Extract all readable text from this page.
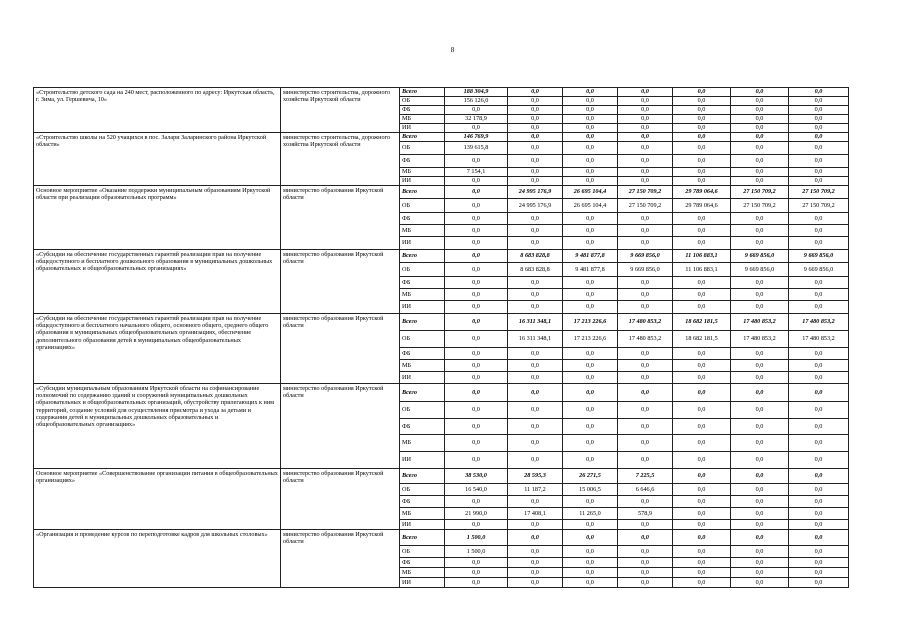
8
«Строительство детского сада на 240 мест, расположенного по адресу: Иркутская область, г. Зима, ул. Гершевича, 10»	министерство строительства, дорожного хозяйства Иркутской области	Всего	188 304,9	0,0	0,0	0,0	0,0	0,0	0,0	
		ОБ	156 126,0	0,0	0,0	0,0	0,0	0,0	0,0	
		ФБ	0,0	0,0	0,0	0,0	0,0	0,0	0,0	
		МБ	32 178,9	0,0	0,0	0,0	0,0	0,0	0,0	
		ИИ	0,0	0,0	0,0	0,0	0,0	0,0	0,0	
«Строительство школы на 520 учащихся в пос. Залари Заларинского района Иркутской области»	министерство строительства, дорожного хозяйства Иркутской области	Всего	146 769,9	0,0	0,0	0,0	0,0	0,0	0,0	
		ОБ	139 615,8	0,0	0,0	0,0	0,0	0,0	0,0	
		ФБ	0,0	0,0	0,0	0,0	0,0	0,0	0,0	
		МБ	7 154,1	0,0	0,0	0,0	0,0	0,0	0,0	
		ИИ	0,0	0,0	0,0	0,0	0,0	0,0	0,0	
Основное мероприятие «Оказание поддержки муниципальным образованиям Иркутской области при реализации образовательных программ»	министерство образования Иркутской области	Всего	0,0	24 995 176,9	26 695 104,4	27 150 709,2	29 789 064,6	27 150 709,2	27 150 709,2	
		ОБ	0,0	24 995 176,9	26 695 104,4	27 150 709,2	29 789 064,6	27 150 709,2	27 150 709,2	
		ФБ	0,0	0,0	0,0	0,0	0,0	0,0	0,0	
		МБ	0,0	0,0	0,0	0,0	0,0	0,0	0,0	
		ИИ	0,0	0,0	0,0	0,0	0,0	0,0	0,0	
«Субсидии на обеспечение государственных гарантий реализации прав на получение общедоступного и бесплатного дошкольного образования в муниципальных дошкольных образовательных и общеобразовательных организациях»	министерство образования Иркутской области	Всего	0,0	8 683 828,8	9 481 877,8	9 669 856,0	11 106 883,1	9 669 856,0	9 669 856,0	
		ОБ	0,0	8 683 828,8	9 481 877,8	9 669 856,0	11 106 883,1	9 669 856,0	9 669 856,0	
		ФБ	0,0	0,0	0,0	0,0	0,0	0,0	0,0	
		МБ	0,0	0,0	0,0	0,0	0,0	0,0	0,0	
		ИИ	0,0	0,0	0,0	0,0	0,0	0,0	0,0	
«Субсидии на обеспечение государственных гарантий реализации прав на получение общедоступного и бесплатного начального общего, основного общего, среднего общего образования в муниципальных общеобразовательных организациях, обеспечение дополнительного образования детей в муниципальных общеобразовательных организациях»	министерство образования Иркутской области	Всего	0,0	16 311 348,1	17 213 226,6	17 480 853,2	18 682 181,5	17 480 853,2	17 480 853,2	
		ОБ	0,0	16 311 348,1	17 213 226,6	17 480 853,2	18 682 181,5	17 480 853,2	17 480 853,2	
		ФБ	0,0	0,0	0,0	0,0	0,0	0,0	0,0	
		МБ	0,0	0,0	0,0	0,0	0,0	0,0	0,0	
		ИИ	0,0	0,0	0,0	0,0	0,0	0,0	0,0	
«Субсидии муниципальным образованиям Иркутской области на софинансирование полномочий по содержанию зданий и сооружений муниципальных дошкольных образовательных и общеобразовательных организаций, обустройству прилегающих к ним территорий, создание условий для осуществления присмотра и ухода за детьми и содержания детей в муниципальных дошкольных образовательных и общеобразовательных организациях»	министерство образования Иркутской области	Всего	0,0	0,0	0,0	0,0	0,0	0,0	0,0	
		ОБ	0,0	0,0	0,0	0,0	0,0	0,0	0,0	
		ФБ	0,0	0,0	0,0	0,0	0,0	0,0	0,0	
		МБ	0,0	0,0	0,0	0,0	0,0	0,0	0,0	
		ИИ	0,0	0,0	0,0	0,0	0,0	0,0	0,0	
Основное мероприятие «Совершенствование организации питания в общеобразовательных организациях»	министерство образования Иркутской области	Всего	38 530,0	28 595,3	26 271,5	7 225,5	0,0	0,0	0,0	
		ОБ	16 540,0	11 187,2	15 006,5	6 646,6	0,0	0,0	0,0	
		ФБ	0,0	0,0	0,0	0,0	0,0	0,0	0,0	
		МБ	21 990,0	17 408,1	11 265,0	578,9	0,0	0,0	0,0	
		ИИ	0,0	0,0	0,0	0,0	0,0	0,0	0,0	
«Организация и проведение курсов по переподготовке кадров для школьных столовых»	министерство образования Иркутской области	Всего	1 500,0	0,0	0,0	0,0	0,0	0,0	0,0	
		ОБ	1 500,0	0,0	0,0	0,0	0,0	0,0	0,0	
		ФБ	0,0	0,0	0,0	0,0	0,0	0,0	0,0	
		МБ	0,0	0,0	0,0	0,0	0,0	0,0	0,0	
		ИИ	0,0	0,0	0,0	0,0	0,0	0,0	0,0	
